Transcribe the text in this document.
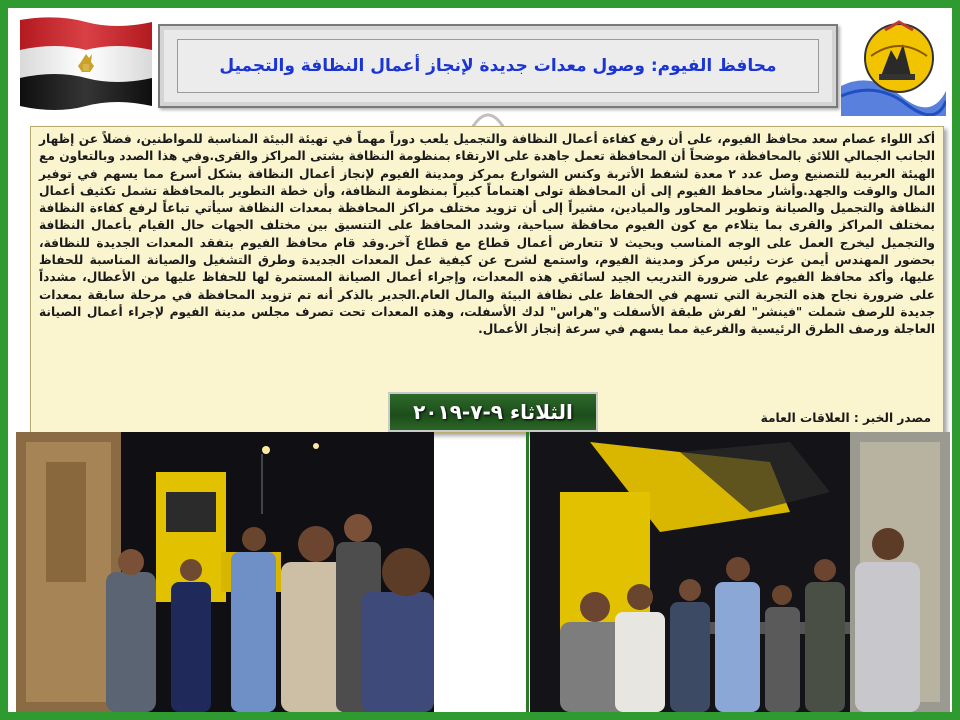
محافظ الفيوم: وصول معدات جديدة لإنجاز أعمال النظافة والتجميل

أكد اللواء عصام سعد محافظ الفيوم، على أن رفع كفاءة أعمال النظافة والتجميل يلعب دوراً مهماً في تهيئة البيئة المناسبة للمواطنين، فضلاً عن إظهار الجانب الجمالي اللائق بالمحافظة، موضحاً أن المحافظة تعمل جاهدة على الارتقاء بمنظومة النظافة بشتى المراكز والقرى.وفي هذا الصدد وبالتعاون مع الهيئة العربية للتصنيع وصل عدد ٢ معدة لشفط الأتربة وكنس الشوارع بمركز ومدينة الفيوم لإنجاز أعمال النظافة بشكل أسرع مما يسهم في توفير المال والوقت والجهد.وأشار محافظ الفيوم إلى أن المحافظة تولى اهتماماً كبيراً بمنظومة النظافة، وأن خطة التطوير بالمحافظة تشمل تكثيف أعمال النظافة والتجميل والصيانة وتطوير المحاور والميادين، مشيراً إلى أن تزويد مختلف مراكز المحافظة بمعدات النظافة سيأتي تباعاً لرفع كفاءة النظافة بمختلف المراكز والقرى بما يتلاءم مع كون الفيوم محافظة سياحية، وشدد المحافظ على التنسيق بين مختلف الجهات حال القيام بأعمال النظافة والتجميل ليخرج العمل على الوجه المناسب وبحيث لا تتعارض أعمال قطاع مع قطاع آخر.وقد قام محافظ الفيوم بتفقد المعدات الجديدة للنظافة، بحضور المهندس أيمن عزت رئيس مركز ومدينة الفيوم، واستمع لشرح عن كيفية عمل المعدات الجديدة وطرق التشغيل والصيانة المناسبة للحفاظ عليها، وأكد محافظ الفيوم على ضرورة التدريب الجيد لسائقي هذه المعدات، وإجراء أعمال الصيانة المستمرة لها للحفاظ عليها من الأعطال، مشدداً على ضرورة نجاح هذه التجربة التي تسهم في الحفاظ على نظافة البيئة والمال العام.الجدير بالذكر أنه تم تزويد المحافظة في مرحلة سابقة بمعدات جديدة للرصف شملت "فينشر" لفرش طبقة الأسفلت و"هراس" لدك الأسفلت، وهذه المعدات تحت تصرف مجلس مدينة الفيوم لإجراء أعمال الصيانة العاجلة ورصف الطرق الرئيسية والفرعية مما يسهم في سرعة إنجاز الأعمال.

مصدر الخبر : العلاقات العامة

الثلاثاء ٩-٧-٢٠١٩
